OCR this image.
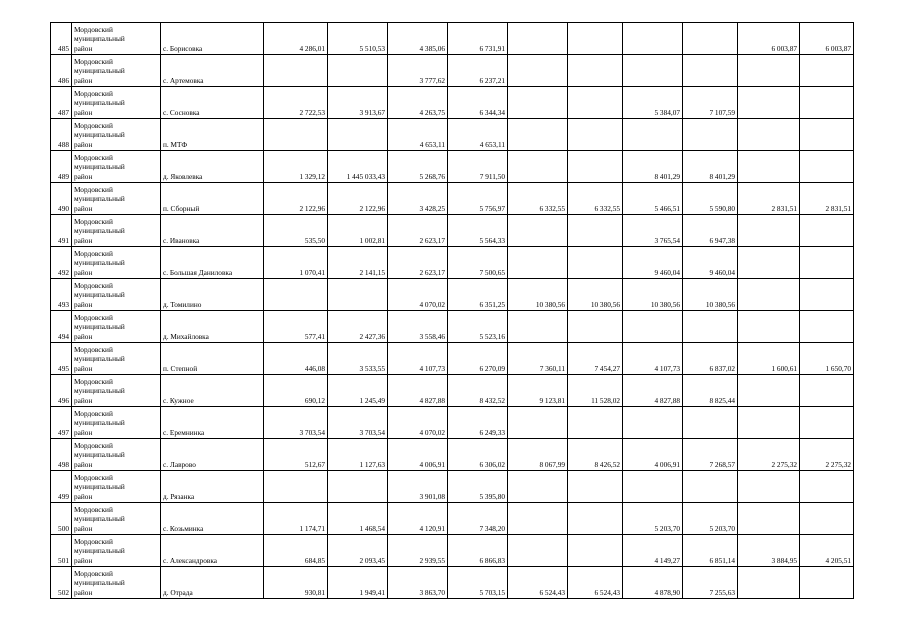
485	Мордовский
муниципальный
район	с. Борисовка	4 286,01	5 510,53	4 385,06	6 731,91					6 003,87	6 003,87
486	Мордовский
муниципальный
район	с. Артемовка			3 777,62	6 237,21						
487	Мордовский
муниципальный
район	с. Сосновка	2 722,53	3 913,67	4 263,75	6 344,34			5 384,07	7 107,59		
488	Мордовский
муниципальный
район	п. МТФ			4 653,11	4 653,11						
489	Мордовский
муниципальный
район	д. Яковлевка	1 329,12	1 445 033,43	5 268,76	7 911,50			8 401,29	8 401,29		
490	Мордовский
муниципальный
район	п. Сборный	2 122,96	2 122,96	3 428,25	5 756,97	6 332,55	6 332,55	5 466,51	5 590,80	2 831,51	2 831,51
491	Мордовский
муниципальный
район	с. Ивановка	535,50	1 002,81	2 623,17	5 564,33			3 765,54	6 947,38		
492	Мордовский
муниципальный
район	с. Большая Даниловка	1 070,41	2 141,15	2 623,17	7 500,65			9 460,04	9 460,04		
493	Мордовский
муниципальный
район	д. Томилино			4 070,02	6 351,25	10 380,56	10 380,56	10 380,56	10 380,56		
494	Мордовский
муниципальный
район	д. Михайловка	577,41	2 427,36	3 558,46	5 523,16						
495	Мордовский
муниципальный
район	п. Степной	446,08	3 533,55	4 107,73	6 270,09	7 360,11	7 454,27	4 107,73	6 837,02	1 600,61	1 650,70
496	Мордовский
муниципальный
район	с. Кужное	690,12	1 245,49	4 827,88	8 432,52	9 123,81	11 528,02	4 827,88	8 825,44		
497	Мордовский
муниципальный
район	с. Еремнинка	3 703,54	3 703,54	4 070,02	6 249,33						
498	Мордовский
муниципальный
район	с. Лаврово	512,67	1 127,63	4 006,91	6 306,02	8 067,99	8 426,52	4 006,91	7 268,57	2 275,32	2 275,32
499	Мордовский
муниципальный
район	д. Рязанка			3 901,08	5 395,80						
500	Мордовский
муниципальный
район	с. Козьминка	1 174,71	1 468,54	4 120,91	7 348,20			5 203,70	5 203,70		
501	Мордовский
муниципальный
район	с. Александровка	684,85	2 093,45	2 939,55	6 866,83			4 149,27	6 851,14	3 884,95	4 205,51
502	Мордовский
муниципальный
район	д. Отрада	930,81	1 949,41	3 863,70	5 703,15	6 524,43	6 524,43	4 878,90	7 255,63		
